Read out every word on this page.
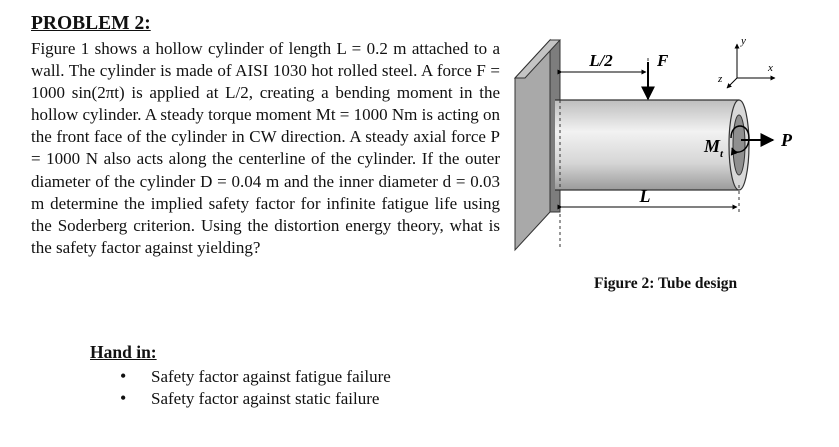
PROBLEM 2:

Figure 1 shows a hollow cylinder of length L = 0.2 m attached to a wall. The cylinder is made of AISI 1030 hot rolled steel. A force F = 1000 sin(2πt) is applied at L/2, creating a bending moment in the hollow cylinder. A steady torque moment Mt = 1000 Nm is acting on the front face of the cylinder in CW direction. A steady axial force P = 1000 N also acts along the centerline of the cylinder. If the outer diameter of the cylinder D = 0.04 m and the inner diameter d = 0.03 m determine the implied safety factor for infinite fatigue life using the Soderberg criterion. Using the distortion energy theory, what is the safety factor against yielding?

Hand in:
• Safety factor against fatigue failure
• Safety factor against static failure
L/2	F
L
M t
P
y
x
z

Figure 2: Tube design
